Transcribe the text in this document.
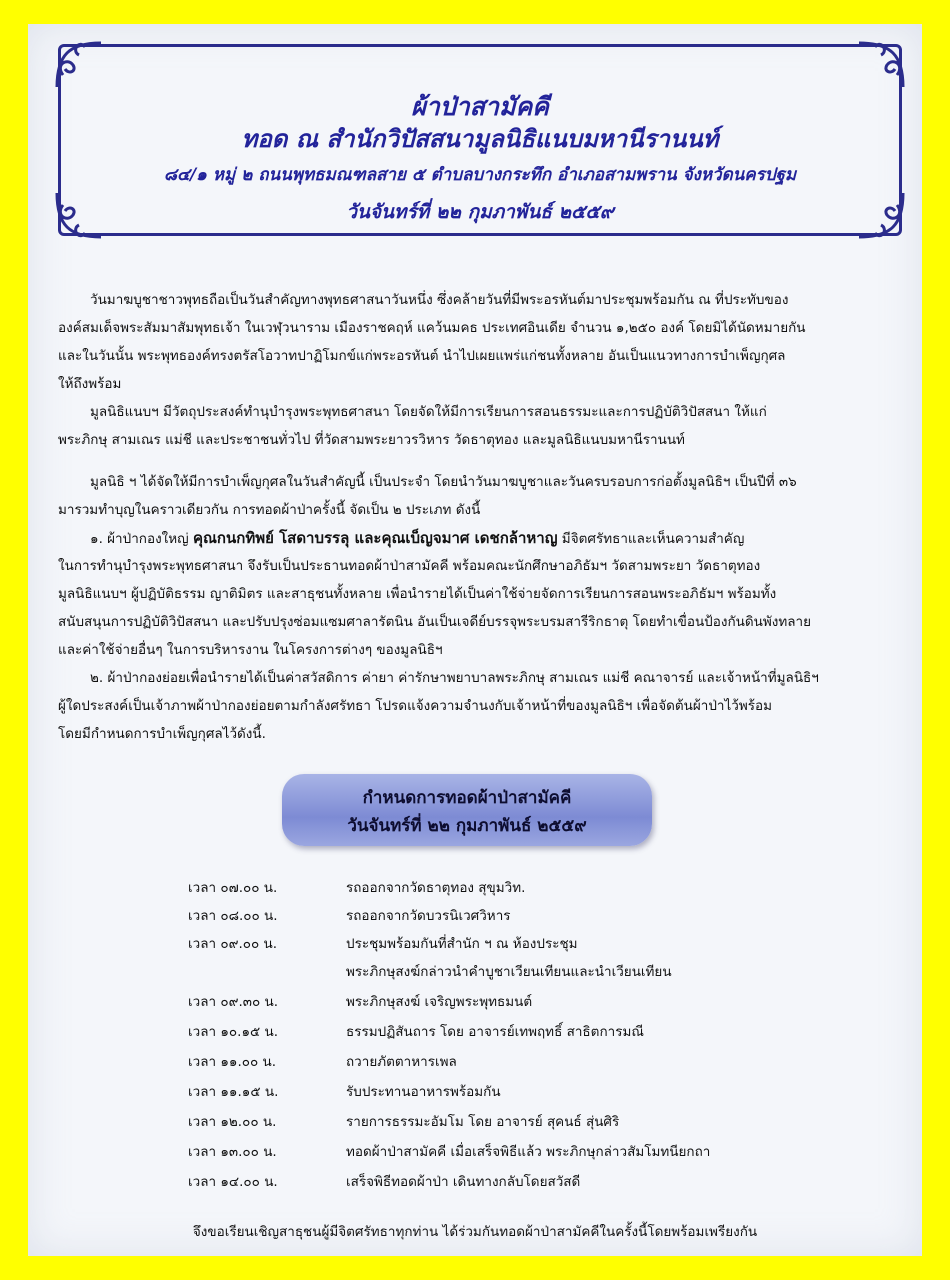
ผ้าป่าสามัคคี
ทอด ณ สำนักวิปัสสนามูลนิธิแนบมหานีรานนท์
๘๔/๑ หมู่ ๒ ถนนพุทธมณฑลสาย ๕ ตำบลบางกระทึก อำเภอสามพราน จังหวัดนครปฐม
วันจันทร์ที่ ๒๒ กุมภาพันธ์ ๒๕๕๙
วันมาฆบูชาชาวพุทธถือเป็นวันสำคัญทางพุทธศาสนาวันหนึ่ง ซึ่งคล้ายวันที่มีพระอรหันต์มาประชุมพร้อมกัน ณ ที่ประทับของ
องค์สมเด็จพระสัมมาสัมพุทธเจ้า ในเวฬุวนาราม เมืองราชคฤห์ แคว้นมคธ ประเทศอินเดีย จำนวน ๑,๒๕๐ องค์ โดยมิได้นัดหมายกัน
และในวันนั้น พระพุทธองค์ทรงตรัสโอวาทปาฏิโมกข์แก่พระอรหันต์ นำไปเผยแพร่แก่ชนทั้งหลาย อันเป็นแนวทางการบำเพ็ญกุศล
ให้ถึงพร้อม
มูลนิธิแนบฯ มีวัตถุประสงค์ทำนุบำรุงพระพุทธศาสนา โดยจัดให้มีการเรียนการสอนธรรมะและการปฏิบัติวิปัสสนา ให้แก่
พระภิกษุ สามเณร แม่ชี และประชาชนทั่วไป ที่วัดสามพระยาวรวิหาร วัดธาตุทอง และมูลนิธิแนบมหานีรานนท์
มูลนิธิ ฯ ได้จัดให้มีการบำเพ็ญกุศลในวันสำคัญนี้ เป็นประจำ โดยนำวันมาฆบูชาและวันครบรอบการก่อตั้งมูลนิธิฯ เป็นปีที่ ๓๖
มารวมทำบุญในคราวเดียวกัน การทอดผ้าป่าครั้งนี้ จัดเป็น ๒ ประเภท ดังนี้
๑. ผ้าป่ากองใหญ่ คุณกนกทิพย์ โสดาบรรลุ และคุณเบ็ญจมาศ เดชกล้าหาญ มีจิตศรัทธาและเห็นความสำคัญ
ในการทำนุบำรุงพระพุทธศาสนา จึงรับเป็นประธานทอดผ้าป่าสามัคคี พร้อมคณะนักศึกษาอภิธัมฯ วัดสามพระยา วัดธาตุทอง
มูลนิธิแนบฯ ผู้ปฏิบัติธรรม ญาติมิตร และสาธุชนทั้งหลาย เพื่อนำรายได้เป็นค่าใช้จ่ายจัดการเรียนการสอนพระอภิธัมฯ พร้อมทั้ง
สนับสนุนการปฏิบัติวิปัสสนา และปรับปรุงซ่อมแซมศาลารัตนิน อันเป็นเจดีย์บรรจุพระบรมสารีริกธาตุ โดยทำเขื่อนป้องกันดินพังทลาย
และค่าใช้จ่ายอื่นๆ ในการบริหารงาน ในโครงการต่างๆ ของมูลนิธิฯ
๒. ผ้าป่ากองย่อยเพื่อนำรายได้เป็นค่าสวัสดิการ ค่ายา ค่ารักษาพยาบาลพระภิกษุ สามเณร แม่ชี คณาจารย์ และเจ้าหน้าที่มูลนิธิฯ
ผู้ใดประสงค์เป็นเจ้าภาพผ้าป่ากองย่อยตามกำลังศรัทธา โปรดแจ้งความจำนงกับเจ้าหน้าที่ของมูลนิธิฯ เพื่อจัดต้นผ้าป่าไว้พร้อม
โดยมีกำหนดการบำเพ็ญกุศลไว้ดังนี้.
กำหนดการทอดผ้าป่าสามัคคี
วันจันทร์ที่ ๒๒ กุมภาพันธ์ ๒๕๕๙
เวลา ๐๗.๐๐ น.	รถออกจากวัดธาตุทอง สุขุมวิท.
เวลา ๐๘.๐๐ น.	รถออกจากวัดบวรนิเวศวิหาร
เวลา ๐๙.๐๐ น.	ประชุมพร้อมกันที่สำนัก ฯ ณ ห้องประชุม
พระภิกษุสงฆ์กล่าวนำคำบูชาเวียนเทียนและนำเวียนเทียน
เวลา ๐๙.๓๐ น.	พระภิกษุสงฆ์ เจริญพระพุทธมนต์
เวลา ๑๐.๑๕ น.	ธรรมปฏิสันถาร โดย อาจารย์เทพฤทธิ์ สาธิตการมณี
เวลา ๑๑.๐๐ น.	ถวายภัตตาหารเพล
เวลา ๑๑.๑๕ น.	รับประทานอาหารพร้อมกัน
เวลา ๑๒.๐๐ น.	รายการธรรมะอัมโม โดย อาจารย์ สุคนธ์ สุ่นศิริ
เวลา ๑๓.๐๐ น.	ทอดผ้าป่าสามัคคี เมื่อเสร็จพิธีแล้ว พระภิกษุกล่าวสัมโมทนียกถา
เวลา ๑๔.๐๐ น.	เสร็จพิธีทอดผ้าป่า เดินทางกลับโดยสวัสดี
จึงขอเรียนเชิญสาธุชนผู้มีจิตศรัทธาทุกท่าน ได้ร่วมกันทอดผ้าป่าสามัคคีในครั้งนี้โดยพร้อมเพรียงกัน
